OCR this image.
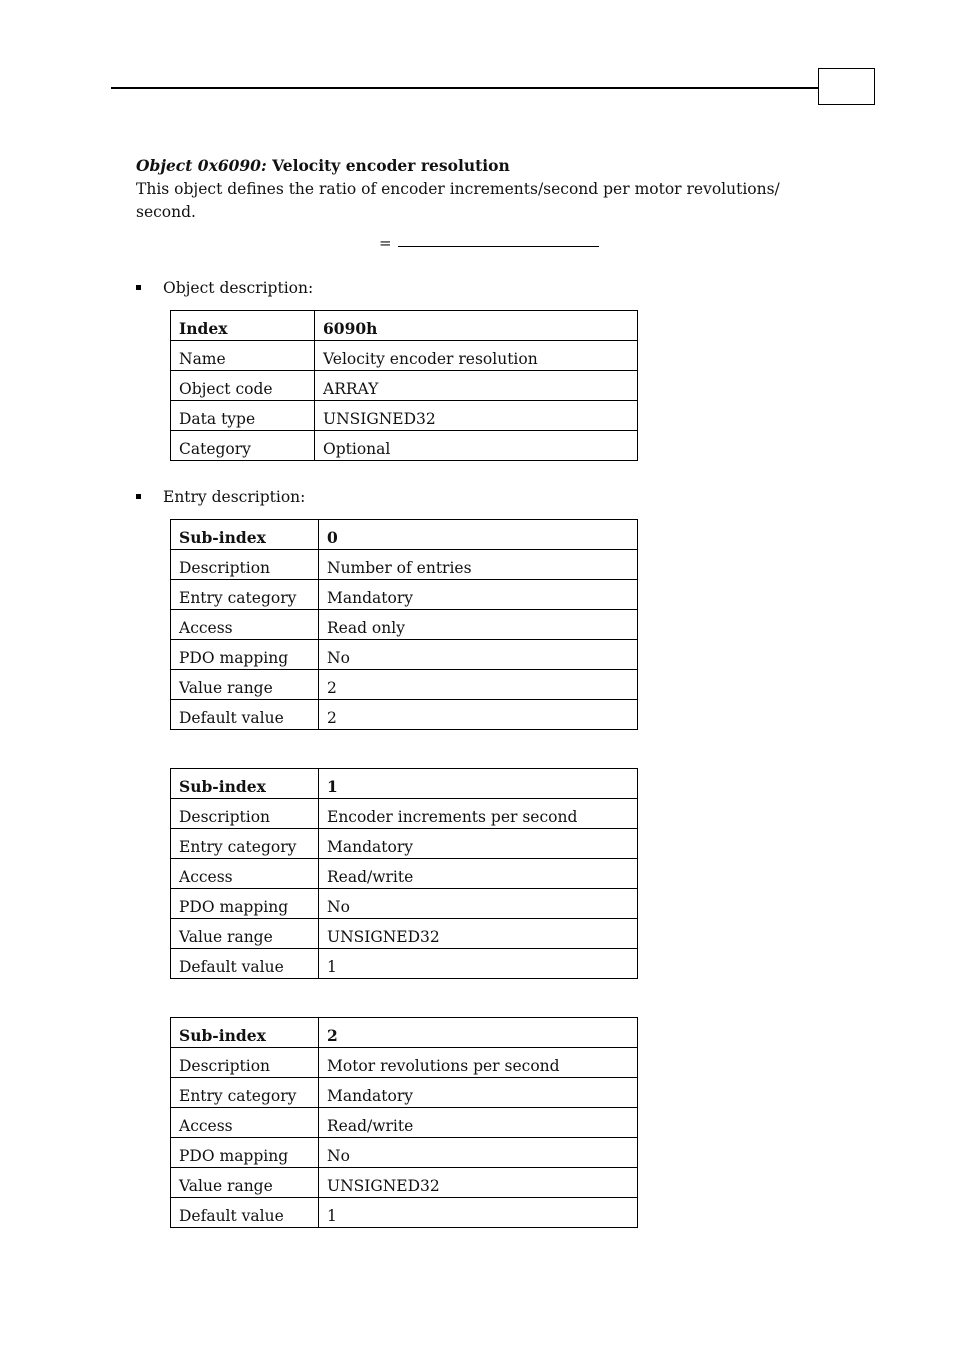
Object 0x6090: Velocity encoder resolution
This object defines the ratio of encoder increments/second per motor revolutions/ second.
=
Object description:
Index	6090h
Name	Velocity encoder resolution
Object code	ARRAY
Data type	UNSIGNED32
Category	Optional
Entry description:
Sub-index	0
Description	Number of entries
Entry category	Mandatory
Access	Read only
PDO mapping	No
Value range	2
Default value	2
Sub-index	1
Description	Encoder increments per second
Entry category	Mandatory
Access	Read/write
PDO mapping	No
Value range	UNSIGNED32
Default value	1
Sub-index	2
Description	Motor revolutions per second
Entry category	Mandatory
Access	Read/write
PDO mapping	No
Value range	UNSIGNED32
Default value	1
